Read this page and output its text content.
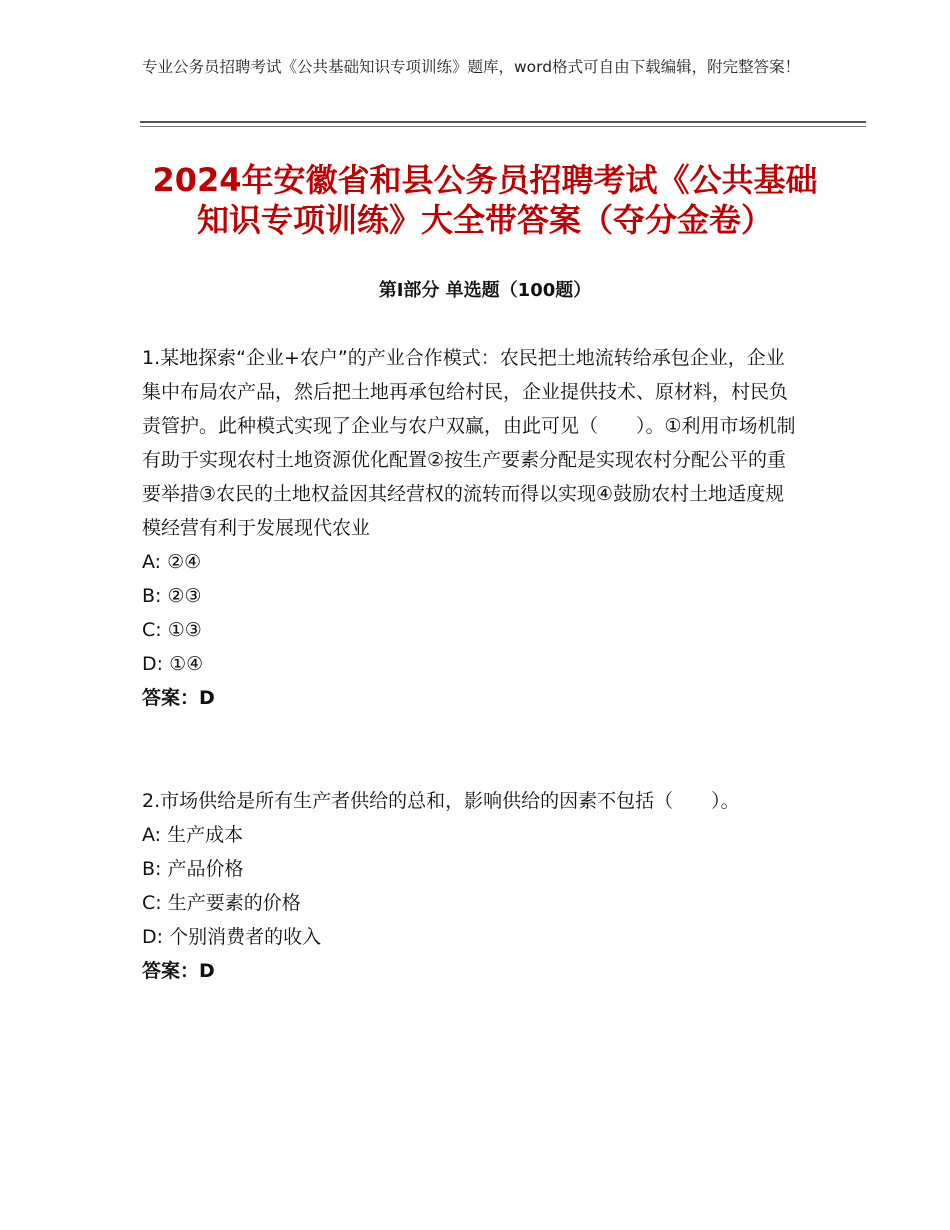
专业公务员招聘考试《公共基础知识专项训练》题库，word格式可自由下载编辑，附完整答案！
2024年安徽省和县公务员招聘考试《公共基础知识专项训练》大全带答案（夺分金卷）
第Ⅰ部分 单选题（100题）

1.某地探索“企业+农户”的产业合作模式：农民把土地流转给承包企业，企业集中布局农产品，然后把土地再承包给村民，企业提供技术、原材料，村民负责管护。此种模式实现了企业与农户双赢，由此可见（　　）。①利用市场机制有助于实现农村土地资源优化配置②按生产要素分配是实现农村分配公平的重要举措③农民的土地权益因其经营权的流转而得以实现④鼓励农村土地适度规模经营有利于发展现代农业

A: ②④

B: ②③

C: ①③

D: ①④

答案：D

2.市场供给是所有生产者供给的总和，影响供给的因素不包括（　　）。

A: 生产成本

B: 产品价格

C: 生产要素的价格

D: 个别消费者的收入

答案：D
